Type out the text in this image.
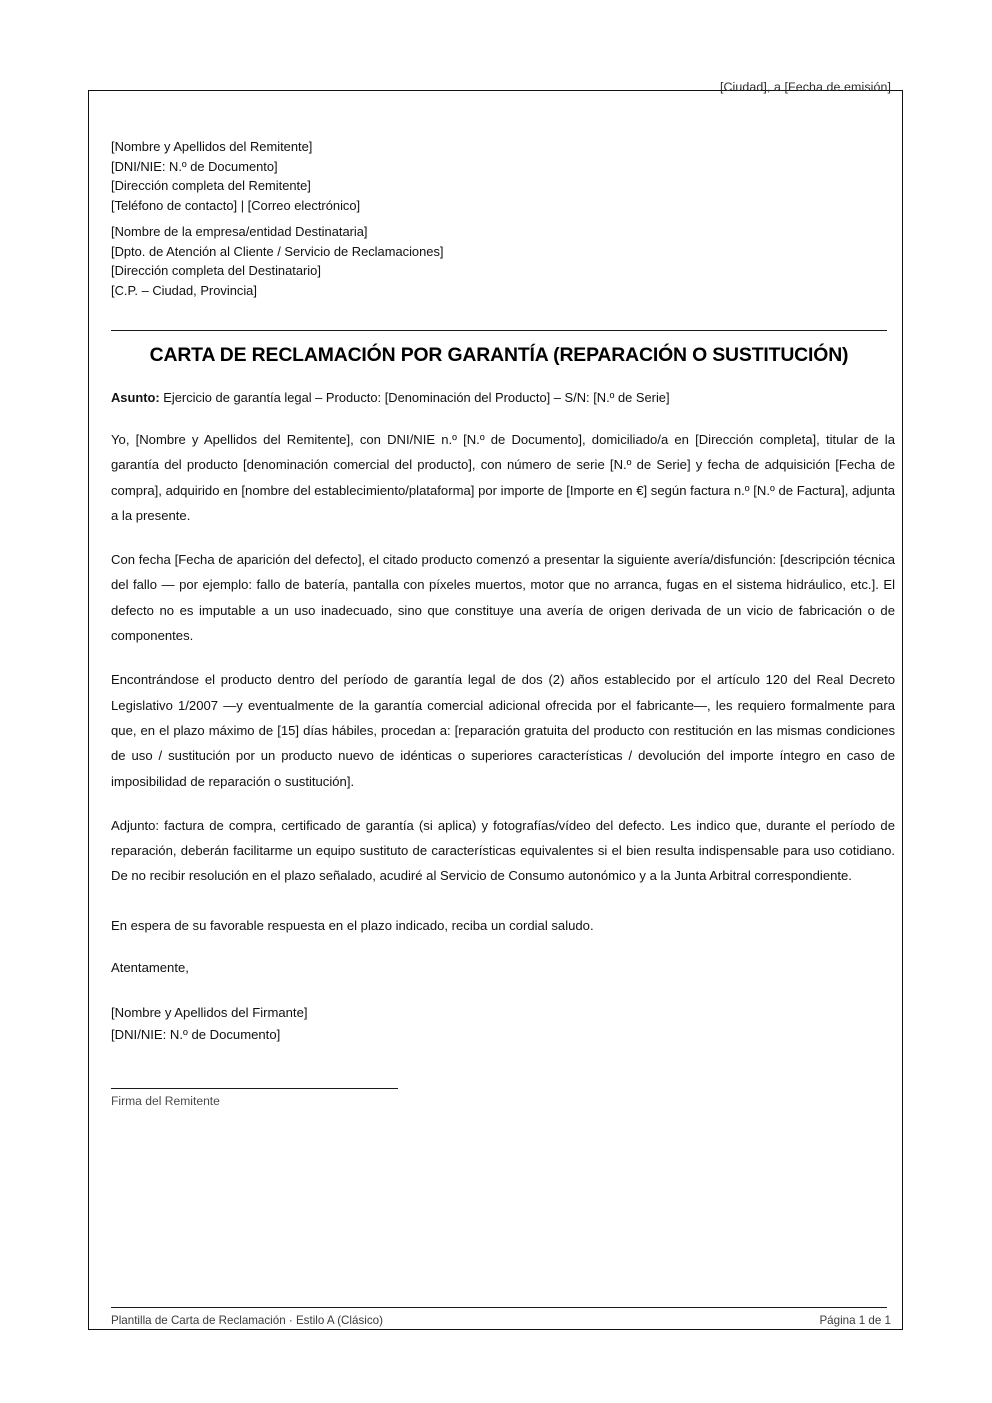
[Ciudad], a [Fecha de emisión]
[Nombre y Apellidos del Remitente]
[DNI/NIE: N.º de Documento]
[Dirección completa del Remitente]
[Teléfono de contacto] | [Correo electrónico]
[Nombre de la empresa/entidad Destinataria]
[Dpto. de Atención al Cliente / Servicio de Reclamaciones]
[Dirección completa del Destinatario]
[C.P. – Ciudad, Provincia]
CARTA DE RECLAMACIÓN POR GARANTÍA (REPARACIÓN O SUSTITUCIÓN)
Asunto: Ejercicio de garantía legal – Producto: [Denominación del Producto] – S/N: [N.º de Serie]

Yo, [Nombre y Apellidos del Remitente], con DNI/NIE n.º [N.º de Documento], domiciliado/a en [Dirección completa], titular de la garantía del producto [denominación comercial del producto], con número de serie [N.º de Serie] y fecha de adquisición [Fecha de compra], adquirido en [nombre del establecimiento/plataforma] por importe de [Importe en €] según factura n.º [N.º de Factura], adjunta a la presente.

Con fecha [Fecha de aparición del defecto], el citado producto comenzó a presentar la siguiente avería/disfunción: [descripción técnica del fallo — por ejemplo: fallo de batería, pantalla con píxeles muertos, motor que no arranca, fugas en el sistema hidráulico, etc.]. El defecto no es imputable a un uso inadecuado, sino que constituye una avería de origen derivada de un vicio de fabricación o de componentes.

Encontrándose el producto dentro del período de garantía legal de dos (2) años establecido por el artículo 120 del Real Decreto Legislativo 1/2007 —y eventualmente de la garantía comercial adicional ofrecida por el fabricante—, les requiero formalmente para que, en el plazo máximo de [15] días hábiles, procedan a: [reparación gratuita del producto con restitución en las mismas condiciones de uso / sustitución por un producto nuevo de idénticas o superiores características / devolución del importe íntegro en caso de imposibilidad de reparación o sustitución].

Adjunto: factura de compra, certificado de garantía (si aplica) y fotografías/vídeo del defecto. Les indico que, durante el período de reparación, deberán facilitarme un equipo sustituto de características equivalentes si el bien resulta indispensable para uso cotidiano. De no recibir resolución en el plazo señalado, acudiré al Servicio de Consumo autonómico y a la Junta Arbitral correspondiente.

En espera de su favorable respuesta en el plazo indicado, reciba un cordial saludo.

Atentamente,

[Nombre y Apellidos del Firmante]
[DNI/NIE: N.º de Documento]
Firma del Remitente
Plantilla de Carta de Reclamación · Estilo A (Clásico)	Página 1 de 1
